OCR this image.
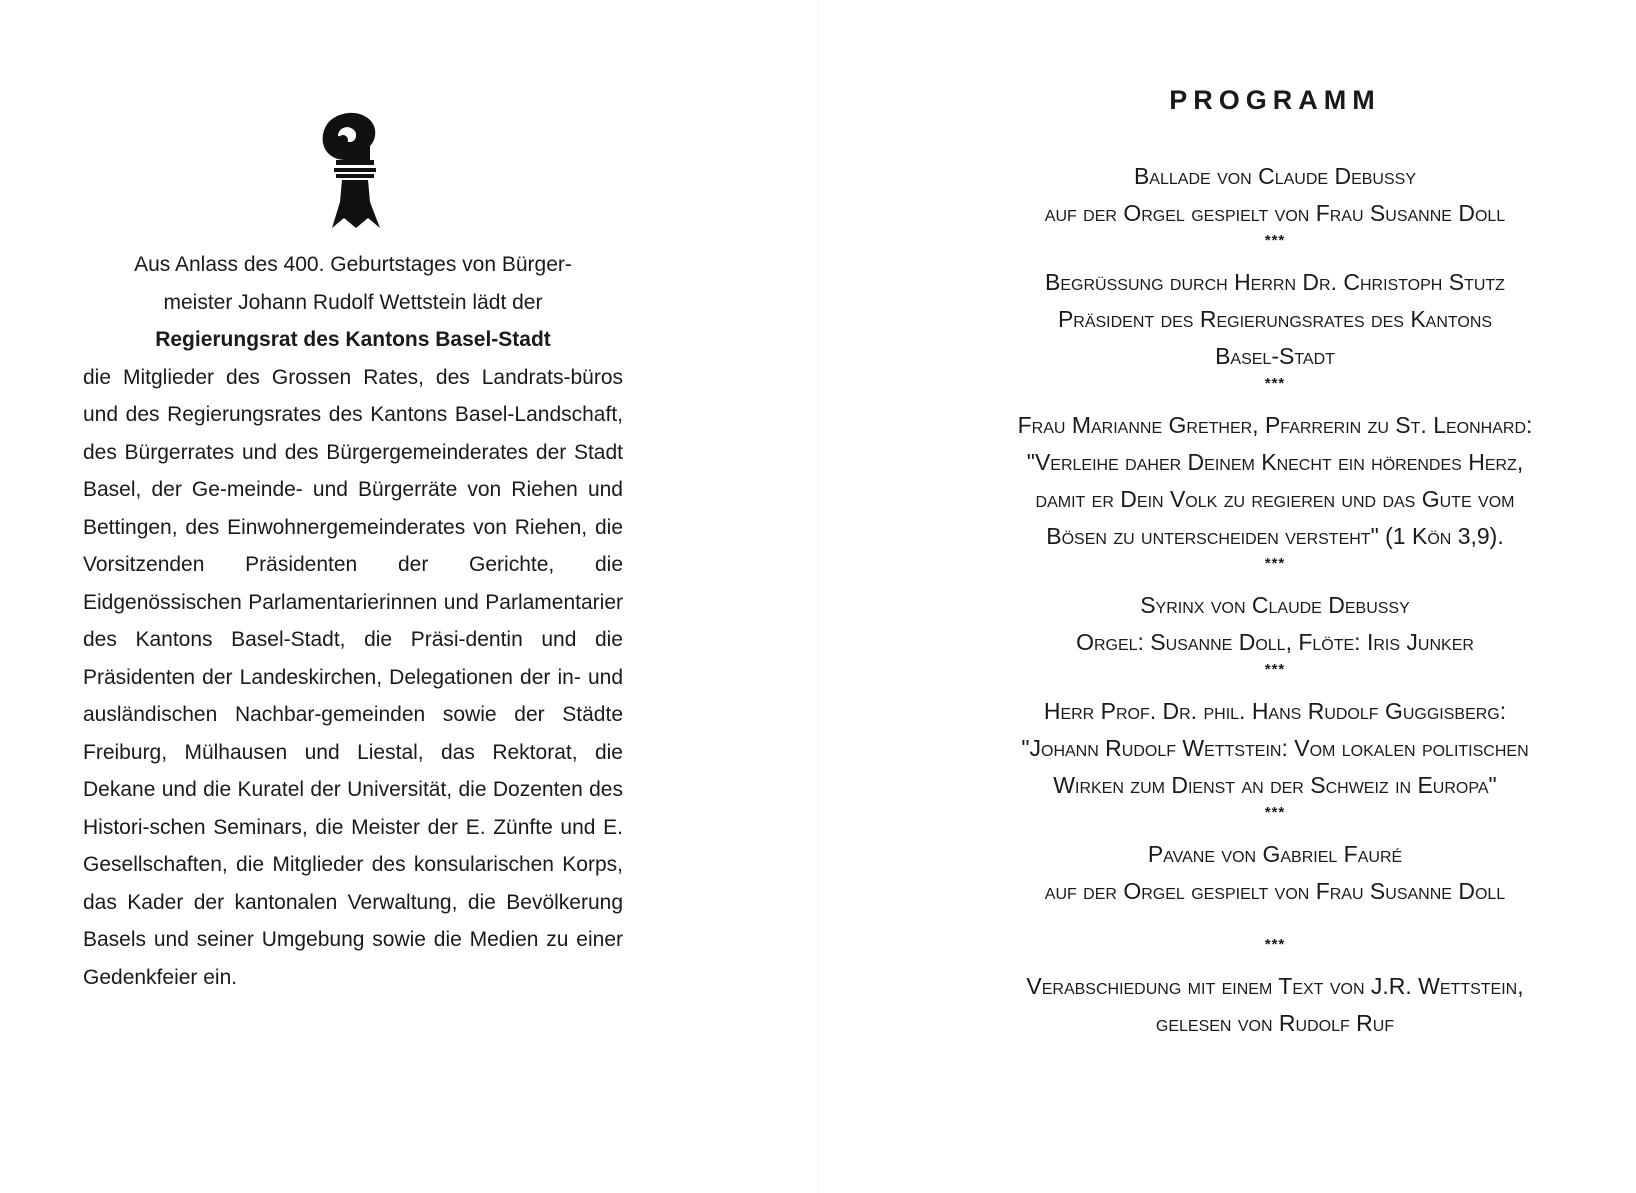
Aus Anlass des 400. Geburtstages von Bürger-
meister Johann Rudolf Wettstein lädt der
Regierungsrat des Kantons Basel-Stadt
die Mitglieder des Grossen Rates, des Landrats-büros und des Regierungsrates des Kantons Basel-Landschaft, des Bürgerrates und des Bürgergemeinderates der Stadt Basel, der Ge-meinde- und Bürgerräte von Riehen und Bettingen, des Einwohnergemeinderates von Riehen, die Vorsitzenden Präsidenten der Gerichte, die Eidgenössischen Parlamentarierinnen und Parlamentarier des Kantons Basel-Stadt, die Präsi-dentin und die Präsidenten der Landeskirchen, Delegationen der in- und ausländischen Nachbar-gemeinden sowie der Städte Freiburg, Mülhausen und Liestal, das Rektorat, die Dekane und die Kuratel der Universität, die Dozenten des Histori-schen Seminars, die Meister der E. Zünfte und E. Gesellschaften, die Mitglieder des konsularischen Korps, das Kader der kantonalen Verwaltung, die Bevölkerung Basels und seiner Umgebung sowie die Medien zu einer Gedenkfeier ein.
PROGRAMM
Ballade von Claude Debussy
auf der Orgel gespielt von Frau Susanne Doll
***
Begrüssung durch Herrn Dr. Christoph Stutz
Präsident des Regierungsrates des Kantons
Basel-Stadt
***
Frau Marianne Grether, Pfarrerin zu St. Leonhard:
"Verleihe daher Deinem Knecht ein hörendes Herz,
damit er Dein Volk zu regieren und das Gute vom
Bösen zu unterscheiden versteht" (1 Kön 3,9).
***
Syrinx von Claude Debussy
Orgel: Susanne Doll, Flöte: Iris Junker
***
Herr Prof. Dr. phil. Hans Rudolf Guggisberg:
"Johann Rudolf Wettstein: Vom lokalen politischen
Wirken zum Dienst an der Schweiz in Europa"
***
Pavane von Gabriel Fauré
auf der Orgel gespielt von Frau Susanne Doll
***
Verabschiedung mit einem Text von J.R. Wettstein,
gelesen von Rudolf Ruf
